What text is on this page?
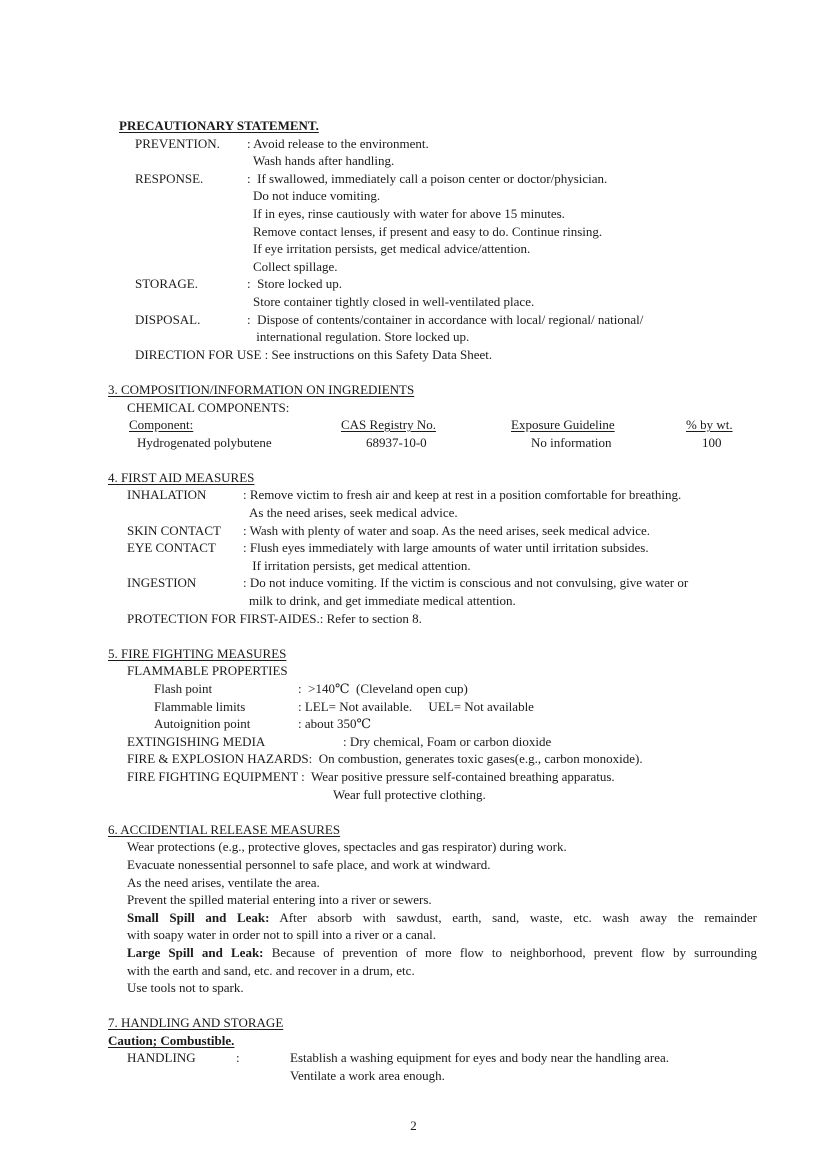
PRECAUTIONARY STATEMENT.
PREVENTION.	: Avoid release to the environment.
Wash hands after handling.
RESPONSE.	:  If swallowed, immediately call a poison center or doctor/physician.
Do not induce vomiting.
If in eyes, rinse cautiously with water for above 15 minutes.
Remove contact lenses, if present and easy to do. Continue rinsing.
If eye irritation persists, get medical advice/attention.
Collect spillage.
STORAGE.	:  Store locked up.
Store container tightly closed in well-ventilated place.
DISPOSAL.	:  Dispose of contents/container in accordance with local/ regional/ national/
international regulation. Store locked up.
DIRECTION FOR USE : See instructions on this Safety Data Sheet.
3. COMPOSITION/INFORMATION ON INGREDIENTS
CHEMICAL COMPONENTS:
Component:	CAS Registry No.	Exposure Guideline	% by wt.
Hydrogenated polybutene	68937-10-0	No information	100
4. FIRST AID MEASURES
INHALATION	: Remove victim to fresh air and keep at rest in a position comfortable for breathing.
As the need arises, seek medical advice.
SKIN CONTACT	: Wash with plenty of water and soap. As the need arises, seek medical advice.
EYE CONTACT	: Flush eyes immediately with large amounts of water until irritation subsides.
If irritation persists, get medical attention.
INGESTION	: Do not induce vomiting. If the victim is conscious and not convulsing, give water or
milk to drink, and get immediate medical attention.
PROTECTION FOR FIRST-AIDES.: Refer to section 8.
5. FIRE FIGHTING MEASURES
FLAMMABLE PROPERTIES
Flash point	:  >140℃  (Cleveland open cup)
Flammable limits	: LEL= Not available.     UEL= Not available
Autoignition point	: about 350℃
EXTINGISHING MEDIA	: Dry chemical, Foam or carbon dioxide
FIRE & EXPLOSION HAZARDS: On combustion, generates toxic gases(e.g., carbon monoxide).
FIRE FIGHTING EQUIPMENT :  Wear positive pressure self-contained breathing apparatus.
Wear full protective clothing.
6. ACCIDENTIAL RELEASE MEASURES
Wear protections (e.g., protective gloves, spectacles and gas respirator) during work.
Evacuate nonessential personnel to safe place, and work at windward.
As the need arises, ventilate the area.
Prevent the spilled material entering into a river or sewers.
Small Spill and Leak: After absorb with sawdust, earth, sand, waste, etc. wash away the remainder
with soapy water in order not to spill into a river or a canal.
Large Spill and Leak: Because of prevention of more flow to neighborhood, prevent flow by surrounding
with the earth and sand, etc. and recover in a drum, etc.
Use tools not to spark.
7. HANDLING AND STORAGE
Caution; Combustible.
HANDLING	:	Establish a washing equipment for eyes and body near the handling area.
Ventilate a work area enough.
2
